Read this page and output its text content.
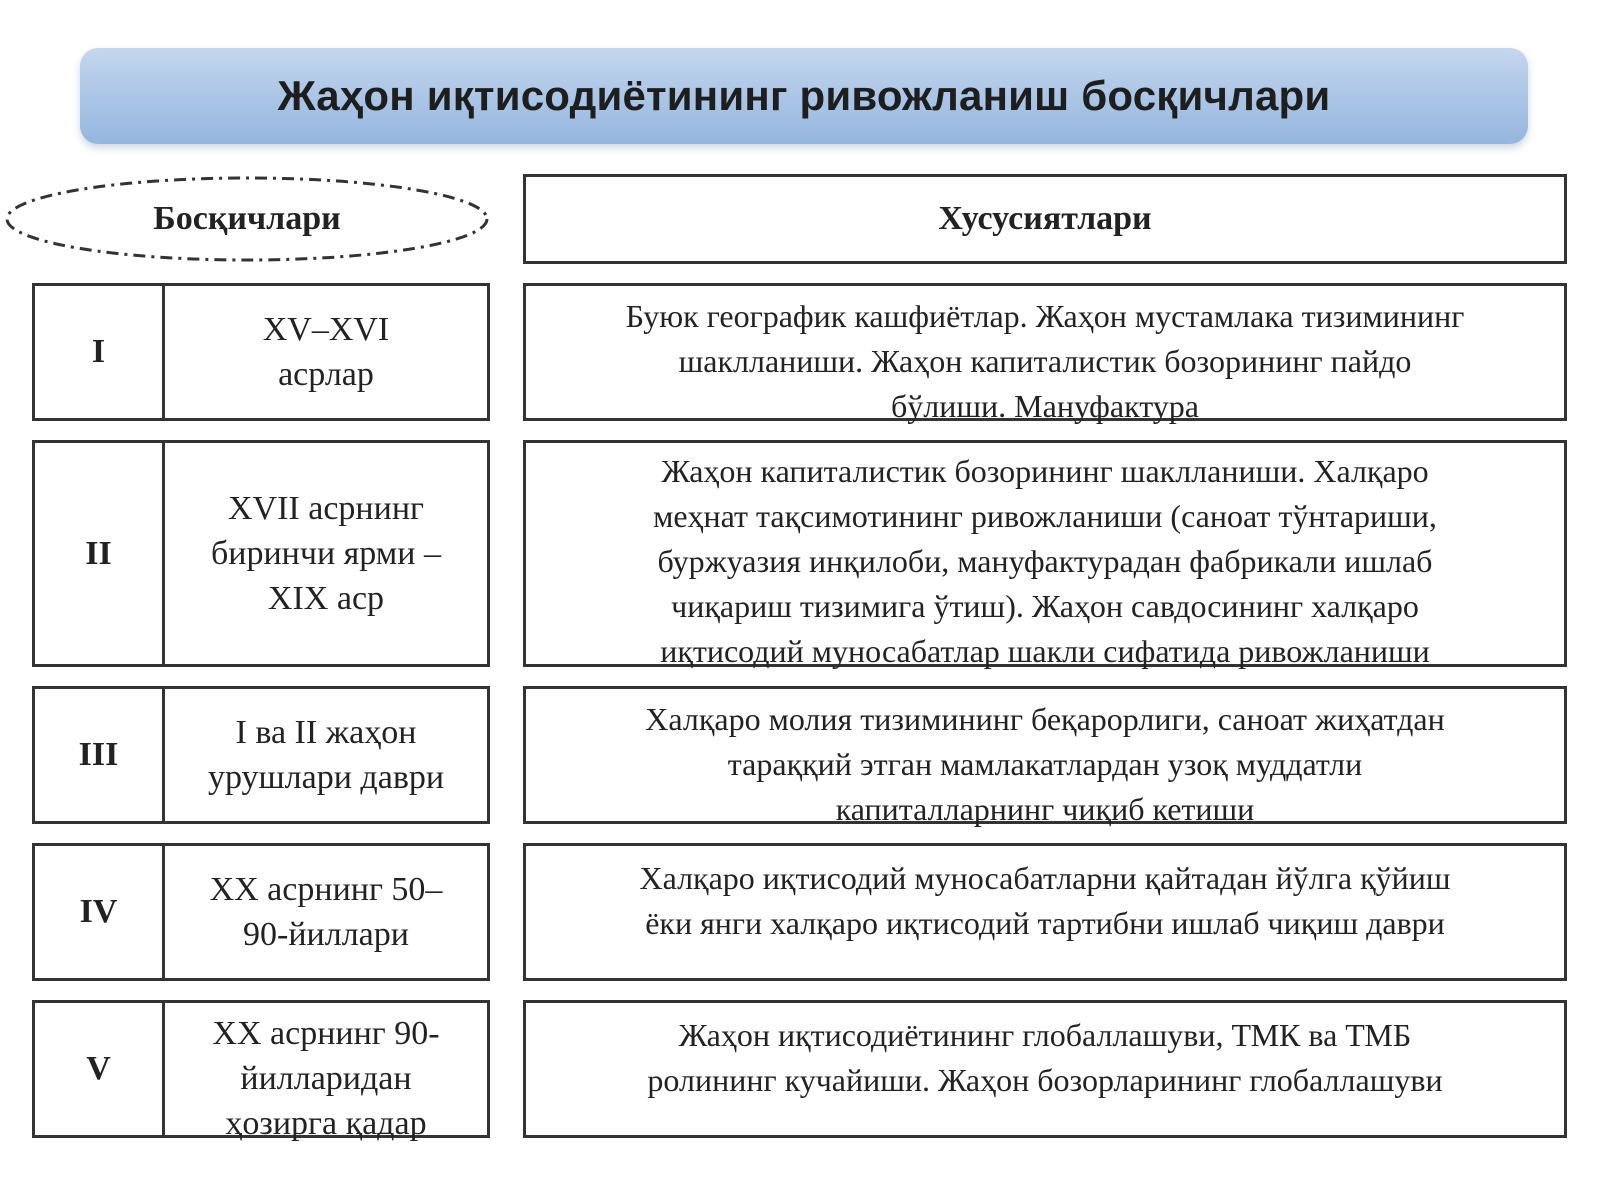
Жаҳон иқтисодиётининг ривожланиш босқичлари
Босқичлари	Хусусиятлари
I
XV–XVI
асрлар
Буюк географик кашфиётлар. Жаҳон мустамлака тизимининг
шаклланиши. Жаҳон капиталистик бозорининг пайдо
бўлиши. Мануфактура
II
XVII асрнинг
биринчи ярми –
XIX аср
Жаҳон капиталистик бозорининг шаклланиши. Халқаро
меҳнат тақсимотининг ривожланиши (саноат тўнтариши,
буржуазия инқилоби, мануфактурадан фабрикали ишлаб
чиқариш тизимига ўтиш). Жаҳон савдосининг халқаро
иқтисодий муносабатлар шакли сифатида ривожланиши
III
I ва II жаҳон
урушлари даври
Халқаро молия тизимининг беқарорлиги, саноат жиҳатдан
тараққий этган мамлакатлардан узоқ муддатли
капиталларнинг чиқиб кетиши
IV
XX асрнинг 50–
90-йиллари
Халқаро иқтисодий муносабатларни қайтадан йўлга қўйиш
ёки янги халқаро иқтисодий тартибни ишлаб чиқиш даври
V
XX асрнинг 90-
йилларидан
ҳозирга қадар
Жаҳон иқтисодиётининг глобаллашуви, ТМК ва ТМБ
ролининг кучайиши. Жаҳон бозорларининг глобаллашуви
